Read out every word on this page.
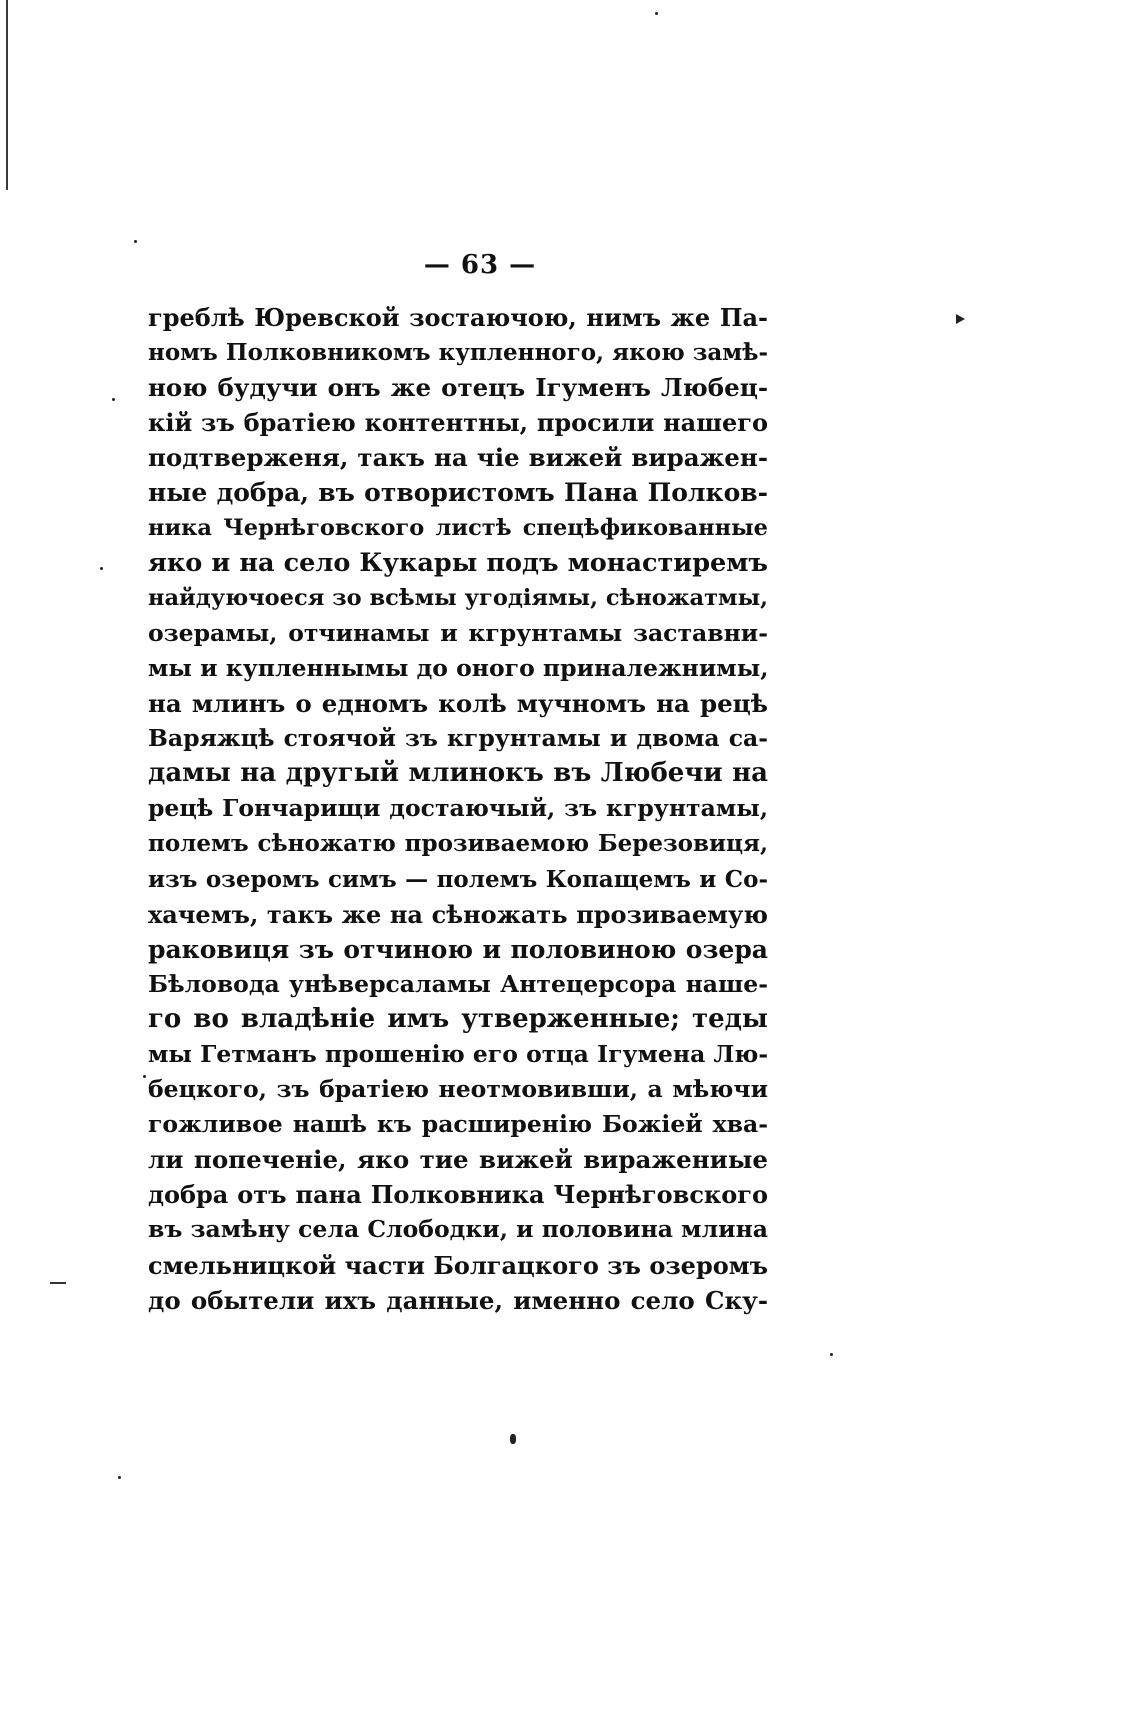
— 63 —
греблѣ Юревской зостаючою, нимъ же Па-
номъ Полковникомъ купленного, якою замѣ-
ною будучи онъ же отецъ Ігуменъ Любец-
кій зъ братіею контентны, просили нашего
подтверженя, такъ на чіе вижей виражен-
ные добра, въ отвористомъ Пана Полков-
ника Чернѣговского листѣ спецѣфикованные
яко и на село Кукары подъ монастиремъ
найдуючоеся зо всѣмы угодіямы, сѣножатмы,
озерамы, отчинамы и кгрунтамы заставни-
мы и купленнымы до оного приналежнимы,
на млинъ о едномъ колѣ мучномъ на рецѣ
Варяжцѣ стоячой зъ кгрунтамы и двома са-
дамы на другый млинокъ въ Любечи на
рецѣ Гончарищи достаючый, зъ кгрунтамы,
полемъ сѣножатю прозиваемою Березовиця,
изъ озеромъ симъ — полемъ Копащемъ и Со-
хачемъ, такъ же на сѣножать прозиваемую
раковиця зъ отчиною и половиною озера
Бѣловода унѣверсаламы Антецерсора наше-
го во владѣніе имъ утверженные; теды
мы Гетманъ прошенію его отца Ігумена Лю-
бецкого, зъ братіею неотмовивши, а мѣючи
гожливое нашѣ къ расширенію Божіей хва-
ли попеченіе, яко тие вижей виражениые
добра отъ пана Полковника Чернѣговского
въ замѣну села Слободки, и половина млина
смельницкой части Болгацкого зъ озеромъ
до обытели ихъ данные, именно село Ску-
